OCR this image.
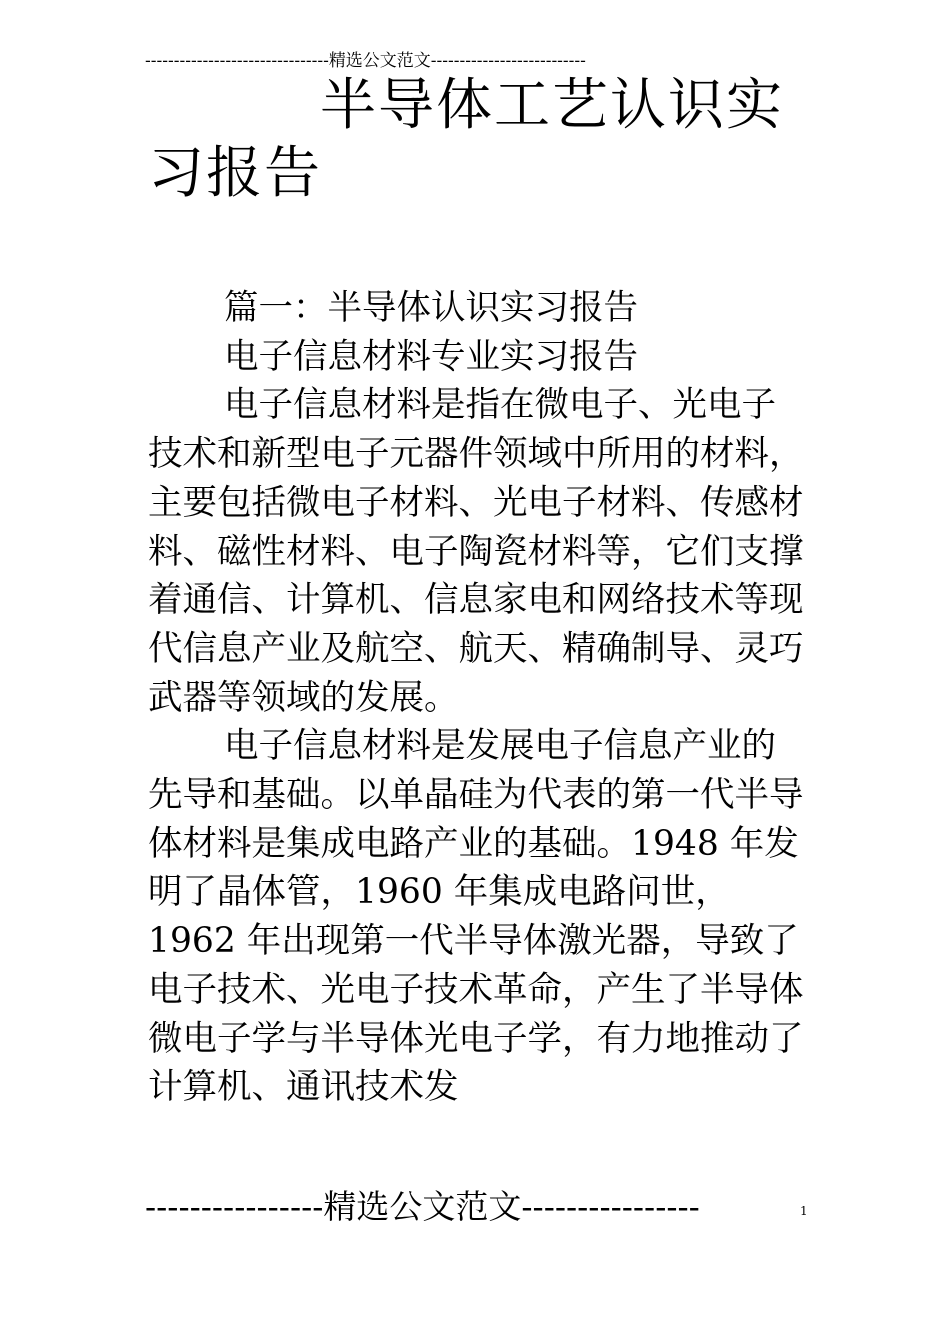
--------------------------------精选公文范文---------------------------
半导体工艺认识实
习报告

篇一：半导体认识实习报告

电子信息材料专业实习报告

电子信息材料是指在微电子、光电子技术和新型电子元器件领域中所用的材料，主要包括微电子材料、光电子材料、传感材料、磁性材料、电子陶瓷材料等，它们支撑着通信、计算机、信息家电和网络技术等现代信息产业及航空、航天、精确制导、灵巧武器等领域的发展。

电子信息材料是发展电子信息产业的先导和基础。以单晶硅为代表的第一代半导体材料是集成电路产业的基础。1948 年发明了晶体管，1960 年集成电路问世，1962 年出现第一代半导体激光器，导致了电子技术、光电子技术革命，产生了半导体微电子学与半导体光电子学，有力地推动了计算机、通讯技术发

----------------精选公文范文----------------	1
